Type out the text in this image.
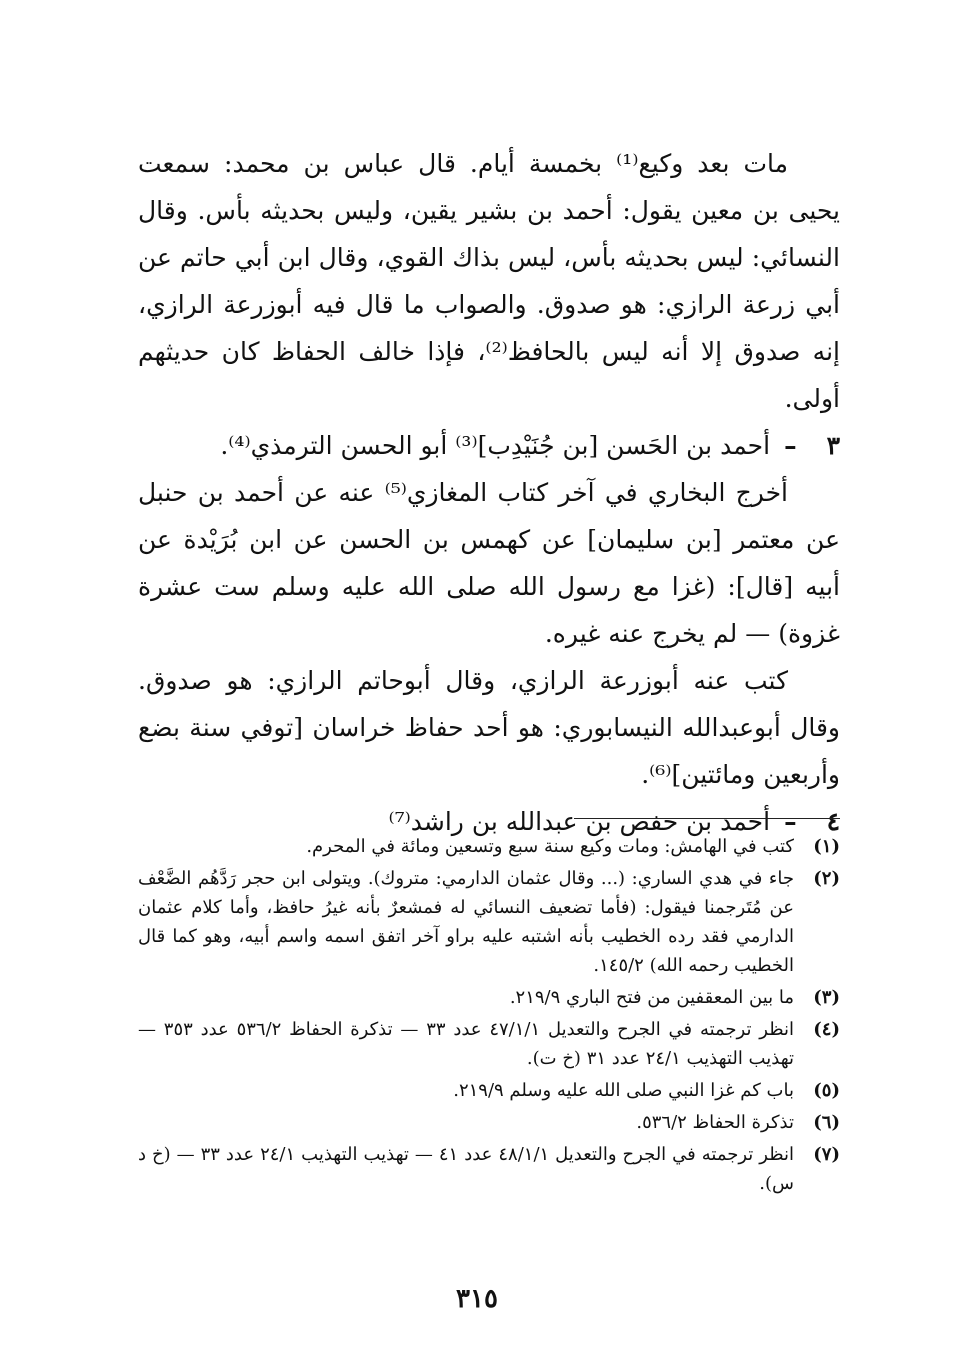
مات بعد وكيع⁽¹⁾ بخمسة أيام. قال عباس بن محمد: سمعت يحيى بن معين يقول: أحمد بن بشير يقين، وليس بحديثه بأس. وقال النسائي: ليس بحديثه بأس، ليس بذاك القوي، وقال ابن أبي حاتم عن أبي زرعة الرازي: هو صدوق. والصواب ما قال فيه أبوزرعة الرازي، إنه صدوق إلا أنه ليس بالحافظ⁽²⁾، فإذا خالف الحفاظ كان حديثهم أولى.

٣–أحمد بن الحَسن [بن جُنَيْدِب]⁽³⁾ أبو الحسن الترمذي⁽⁴⁾.

أخرج البخاري في آخر كتاب المغازي⁽⁵⁾ عنه عن أحمد بن حنبل عن معتمر [بن سليمان] عن كهمس بن الحسن عن ابن بُرَيْدة عن أبيه [قال]: (غزا مع رسول الله صلى الله عليه وسلم ست عشرة غزوة) — لم يخرج عنه غيره.

كتب عنه أبوزرعة الرازي، وقال أبوحاتم الرازي: هو صدوق. وقال أبوعبدالله النيسابوري: هو أحد حفاظ خراسان [توفي سنة بضع وأربعين ومائتين]⁽⁶⁾.

٤–أحمد بن حفص بن عبدالله بن راشد⁽⁷⁾

(١)
كتب في الهامش: ومات وكيع سنة سبع وتسعين ومائة في المحرم.
(٢)
جاء في هدي الساري: (... وقال عثمان الدارمي: متروك). ويتولى ابن حجر رَدَّهُم الضَّعْف عن مُتَرجمنا فيقول: (فأما تضعيف النسائي له فمشعرٌ بأنه غيرُ حافظ، وأما كلام عثمان الدارمي فقد رده الخطيب بأنه اشتبه عليه براو آخر اتفق اسمه واسم أبيه، وهو كما قال الخطيب رحمه الله) ١٤٥/٢.
(٣)
ما بين المعقفين من فتح الباري ٢١٩/٩.
(٤)
انظر ترجمته في الجرح والتعديل ٤٧/١/١ عدد ٣٣ — تذكرة الحفاظ ٥٣٦/٢ عدد ٣٥٣ — تهذيب التهذيب ٢٤/١ عدد ٣١ (خ ت).
(٥)
باب كم غزا النبي صلى الله عليه وسلم ٢١٩/٩.
(٦)
تذكرة الحفاظ ٥٣٦/٢.
(٧)
انظر ترجمته في الجرح والتعديل ٤٨/١/١ عدد ٤١ — تهذيب التهذيب ٢٤/١ عدد ٣٣ — (خ د س).
٣١٥
